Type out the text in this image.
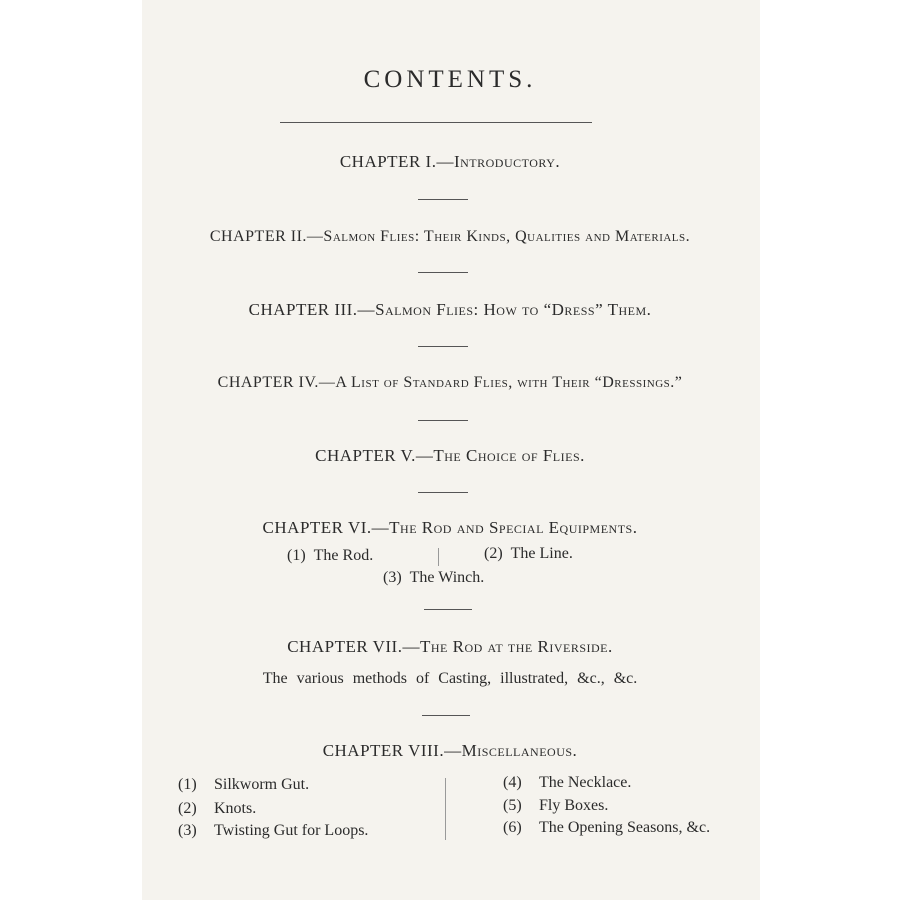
CONTENTS.
CHAPTER I.—Introductory.
CHAPTER II.—Salmon Flies: Their Kinds, Qualities and Materials.
CHAPTER III.—Salmon Flies: How to “Dress” Them.
CHAPTER IV.—A List of Standard Flies, with Their “Dressings.”
CHAPTER V.—The Choice of Flies.
CHAPTER VI.—The Rod and Special Equipments.
(1) The Rod.	(2) The Line.
(3) The Winch.
CHAPTER VII.—The Rod at the Riverside.
The various methods of Casting, illustrated, &c., &c.
CHAPTER VIII.—Miscellaneous.
(1) Silkworm Gut.
(2) Knots.
(3) Twisting Gut for Loops.
(4) The Necklace.
(5) Fly Boxes.
(6) The Opening Seasons, &c.
